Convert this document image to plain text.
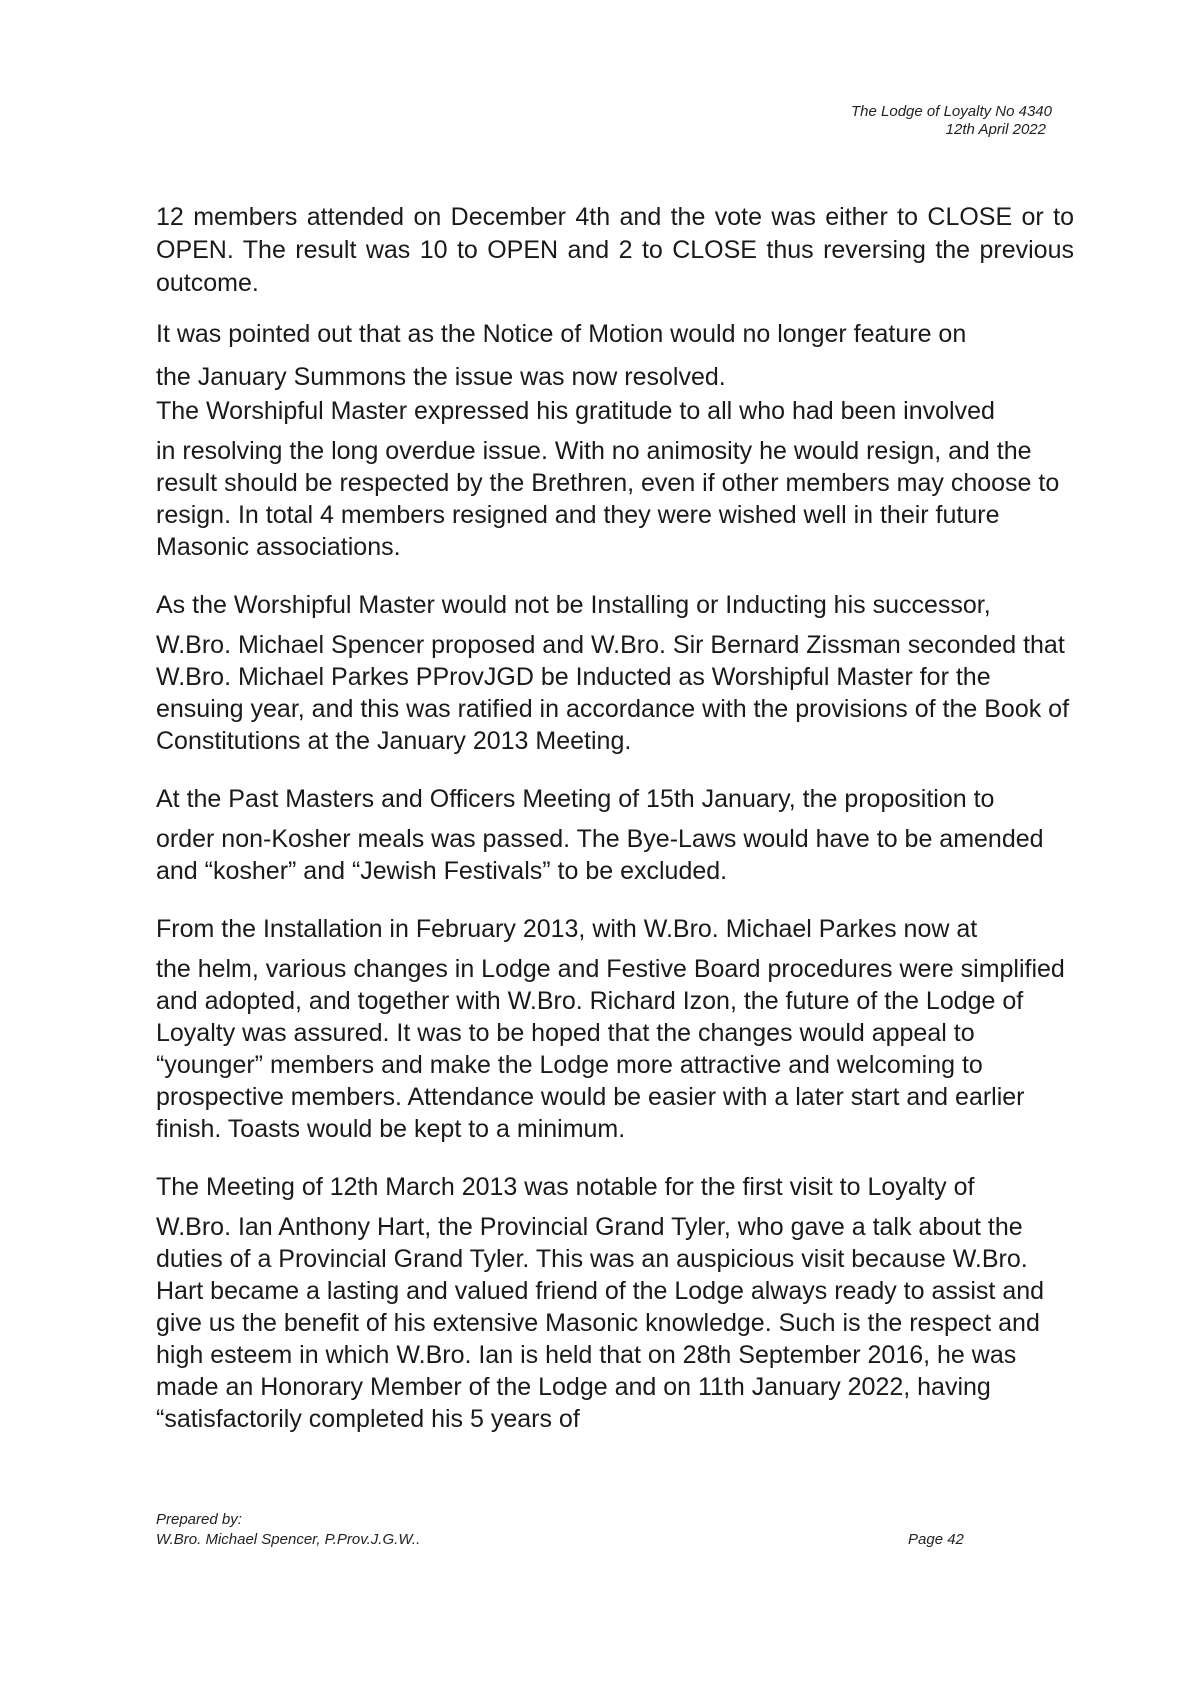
The Lodge of Loyalty No 4340
12th April 2022

12 members attended on December 4th and the vote was either to CLOSE or to OPEN. The result was 10 to OPEN and 2 to CLOSE thus reversing the previous outcome.

It was pointed out that as the Notice of Motion would no longer feature on
the January Summons the issue was now resolved.

The Worshipful Master expressed his gratitude to all who had been involved
in resolving the long overdue issue. With no animosity he would resign, and the result should be respected by the Brethren, even if other members may choose to resign. In total 4 members resigned and they were wished well in their future Masonic associations.

As the Worshipful Master would not be Installing or Inducting his successor,
W.Bro. Michael Spencer proposed and W.Bro. Sir Bernard Zissman seconded that W.Bro. Michael Parkes PProvJGD be Inducted as Worshipful Master for the ensuing year, and this was ratified in accordance with the provisions of the Book of Constitutions at the January 2013 Meeting.

At the Past Masters and Officers Meeting of 15th January, the proposition to
order non-Kosher meals was passed. The Bye-Laws would have to be amended and “kosher” and “Jewish Festivals” to be excluded.

From the Installation in February 2013, with W.Bro. Michael Parkes now at
the helm, various changes in Lodge and Festive Board procedures were simplified and adopted, and together with W.Bro. Richard Izon, the future of the Lodge of Loyalty was assured. It was to be hoped that the changes would appeal to “younger” members and make the Lodge more attractive and welcoming to prospective members. Attendance would be easier with a later start and earlier finish. Toasts would be kept to a minimum.

The Meeting of 12th March 2013 was notable for the first visit to Loyalty of
W.Bro. Ian Anthony Hart, the Provincial Grand Tyler, who gave a talk about the duties of a Provincial Grand Tyler. This was an auspicious visit because W.Bro. Hart became a lasting and valued friend of the Lodge always ready to assist and give us the benefit of his extensive Masonic knowledge. Such is the respect and high esteem in which W.Bro. Ian is held that on 28th September 2016, he was made an Honorary Member of the Lodge and on 11th January 2022, having “satisfactorily completed his 5 years of

Prepared by:
W.Bro. Michael Spencer, P.Prov.J.G.W..	Page 42
